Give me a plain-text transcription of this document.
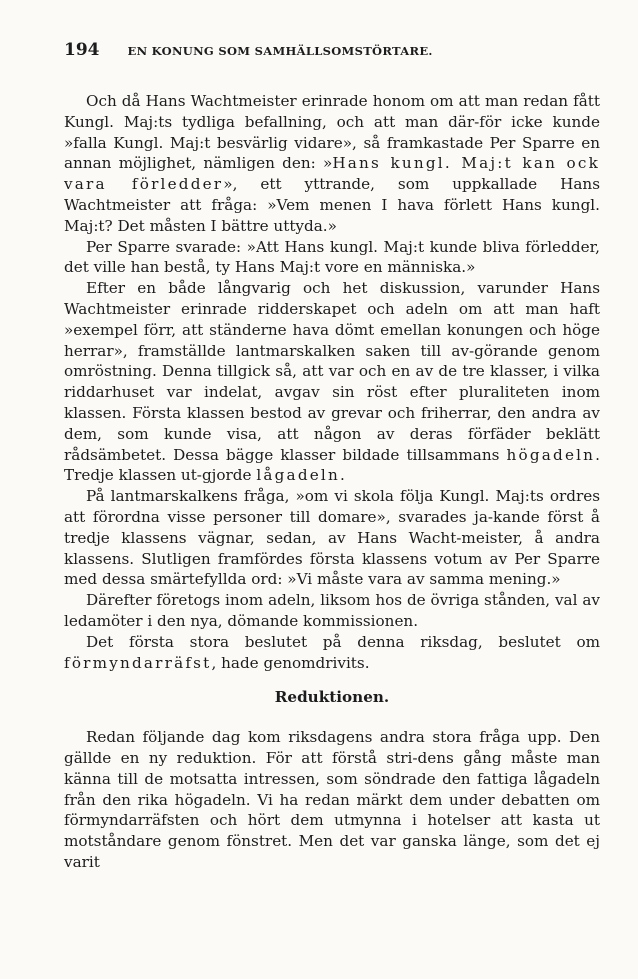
194 EN KONUNG SOM SAMHÄLLSOMSTÖRTARE.

Och då Hans Wachtmeister erinrade honom om att man redan fått Kungl. Maj:ts tydliga befallning, och att man där-för icke kunde »falla Kungl. Maj:t besvärlig vidare», så framkastade Per Sparre en annan möjlighet, nämligen den: »Hans kungl. Maj:t kan ock vara förledder», ett yttrande, som uppkallade Hans Wachtmeister att fråga: »Vem menen I hava förlett Hans kungl. Maj:t? Det måsten I bättre uttyda.»

Per Sparre svarade: »Att Hans kungl. Maj:t kunde bliva förledder, det ville han bestå, ty Hans Maj:t vore en människa.»

Efter en både långvarig och het diskussion, varunder Hans Wachtmeister erinrade ridderskapet och adeln om att man haft »exempel förr, att ständerne hava dömt emellan konungen och höge herrar», framställde lantmarskalken saken till av-görande genom omröstning. Denna tillgick så, att var och en av de tre klasser, i vilka riddarhuset var indelat, avgav sin röst efter pluraliteten inom klassen. Första klassen bestod av grevar och friherrar, den andra av dem, som kunde visa, att någon av deras förfäder beklätt rådsämbetet. Dessa bägge klasser bildade tillsammans högadeln. Tredje klassen ut-gjorde lågadeln.

På lantmarskalkens fråga, »om vi skola följa Kungl. Maj:ts ordres att förordna visse personer till domare», svarades ja-kande först å tredje klassens vägnar, sedan, av Hans Wacht-meister, å andra klassens. Slutligen framfördes första klassens votum av Per Sparre med dessa smärtefyllda ord: »Vi måste vara av samma mening.»

Därefter företogs inom adeln, liksom hos de övriga stånden, val av ledamöter i den nya, dömande kommissionen.

Det första stora beslutet på denna riksdag, beslutet om förmyndarräfst, hade genomdrivits.

Reduktionen.

Redan följande dag kom riksdagens andra stora fråga upp. Den gällde en ny reduktion. För att förstå stri-dens gång måste man känna till de motsatta intressen, som söndrade den fattiga lågadeln från den rika högadeln. Vi ha redan märkt dem under debatten om förmyndarräfsten och hört dem utmynna i hotelser att kasta ut motståndare genom fönstret. Men det var ganska länge, som det ej varit
